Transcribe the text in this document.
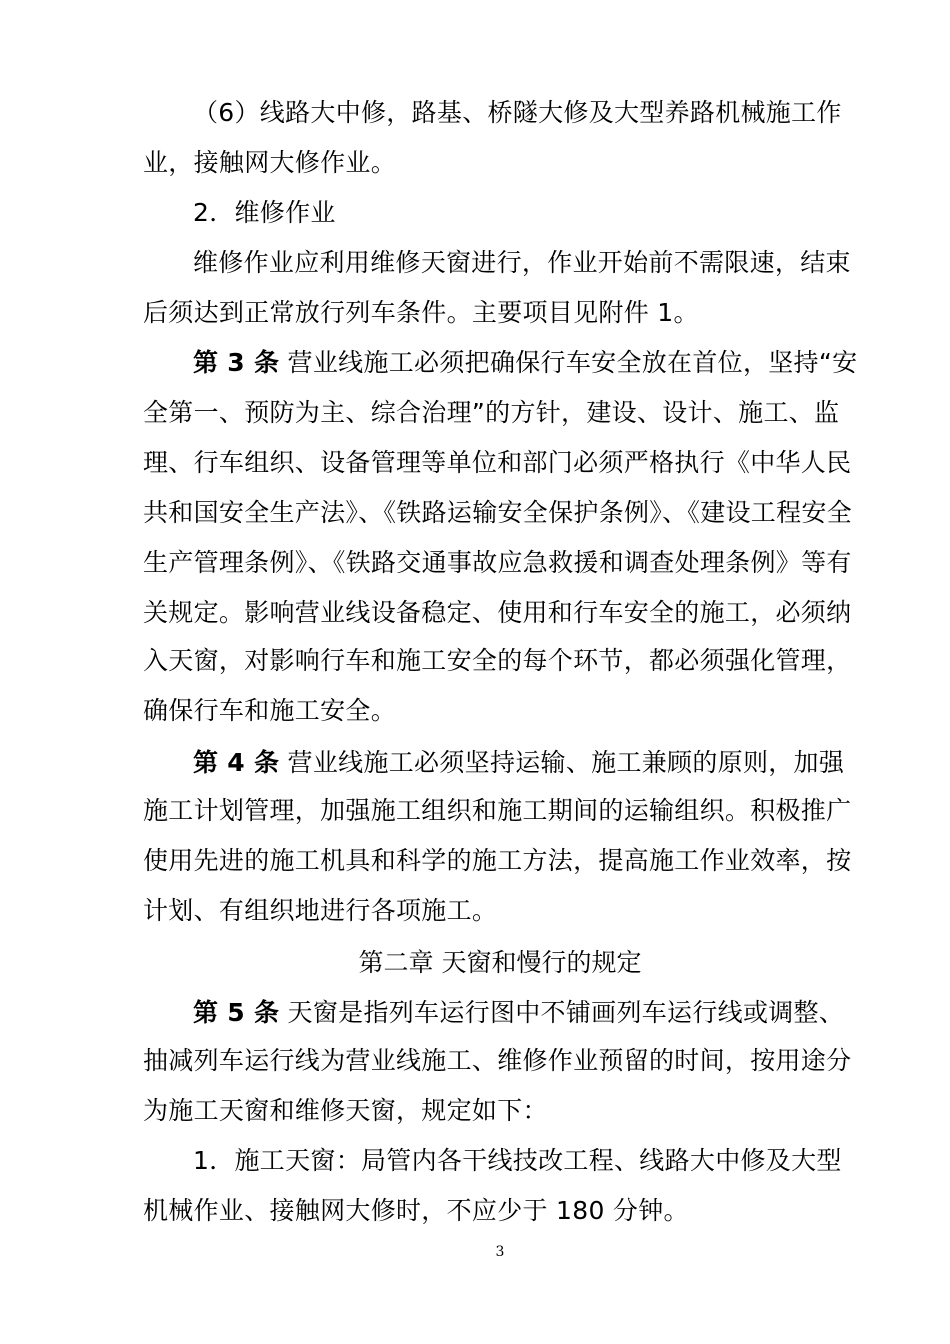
（6）线路大中修，路基、桥隧大修及大型养路机械施工作
业，接触网大修作业。
2．维修作业
维修作业应利用维修天窗进行，作业开始前不需限速，结束
后须达到正常放行列车条件。主要项目见附件 1。
第 3 条 营业线施工必须把确保行车安全放在首位，坚持“安
全第一、预防为主、综合治理”的方针，建设、设计、施工、监
理、行车组织、设备管理等单位和部门必须严格执行《中华人民
共和国安全生产法》、《铁路运输安全保护条例》、《建设工程安全
生产管理条例》、《铁路交通事故应急救援和调查处理条例》等有
关规定。影响营业线设备稳定、使用和行车安全的施工，必须纳
入天窗，对影响行车和施工安全的每个环节，都必须强化管理，
确保行车和施工安全。
第 4 条 营业线施工必须坚持运输、施工兼顾的原则，加强
施工计划管理，加强施工组织和施工期间的运输组织。积极推广
使用先进的施工机具和科学的施工方法，提高施工作业效率，按
计划、有组织地进行各项施工。
第二章 天窗和慢行的规定
第 5 条 天窗是指列车运行图中不铺画列车运行线或调整、
抽减列车运行线为营业线施工、维修作业预留的时间，按用途分
为施工天窗和维修天窗，规定如下：
1．施工天窗：局管内各干线技改工程、线路大中修及大型
机械作业、接触网大修时，不应少于 180 分钟。
3
